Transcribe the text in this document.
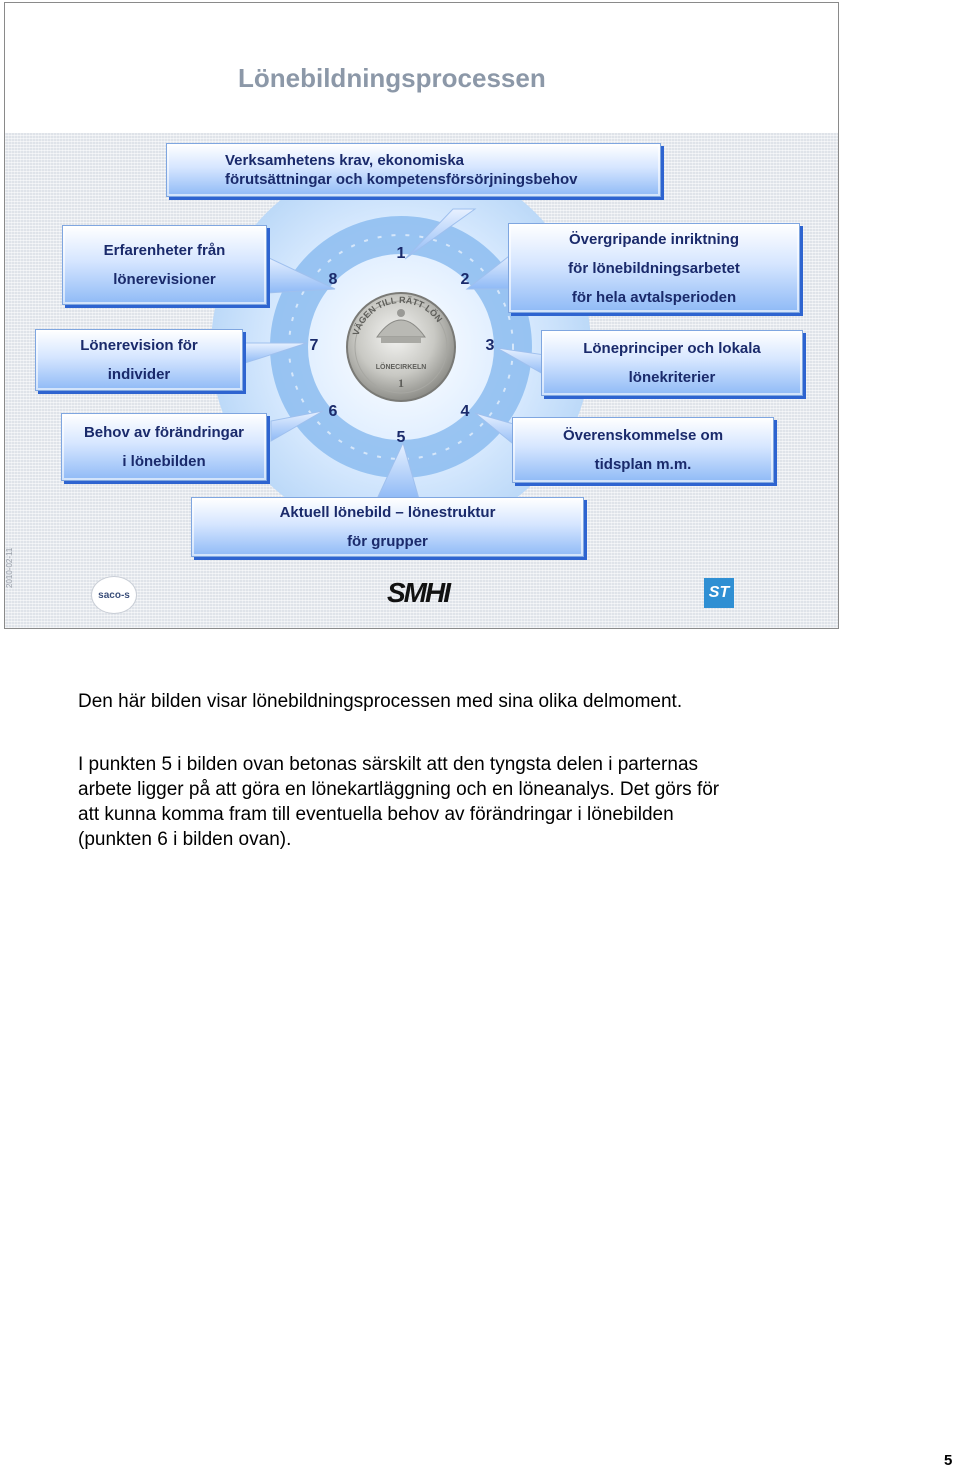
Lönebildningsprocessen
LÖNECIRKELN
1
VÄGEN TILL RÄTT LÖN
Verksamhetens krav, ekonomiska
förutsättningar och kompetensförsörjningsbehov
Erfarenheter från
lönerevisioner
Övergripande inriktning
för lönebildningsarbetet
för hela avtalsperioden
Lönerevision för
individer
Löneprinciper och lokala
lönekriterier
Behov av förändringar
i lönebilden
Överenskommelse om
tidsplan m.m.
Aktuell lönebild – lönestruktur
för grupper
1
2
3
4
5
6
7
8
2010-02-11
saco-s	SMHI	ST
Den här bilden visar lönebildningsprocessen med sina olika delmoment.
I punkten 5 i bilden ovan betonas särskilt att den tyngsta delen i parternas
arbete ligger på att göra en lönekartläggning och en löneanalys. Det görs för
att kunna komma fram till eventuella behov av förändringar i lönebilden
(punkten 6 i bilden ovan).
5
